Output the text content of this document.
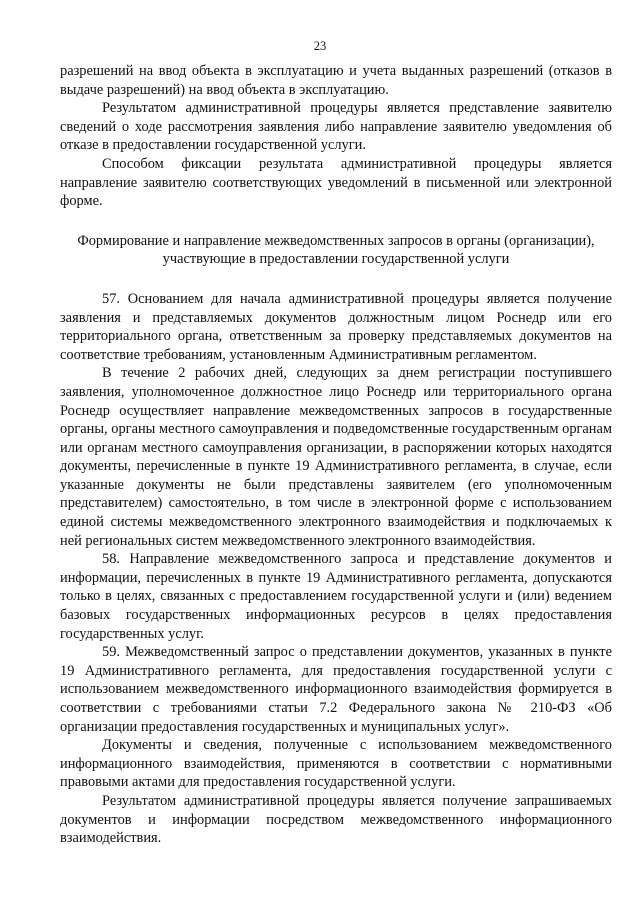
23

разрешений на ввод объекта в эксплуатацию и учета выданных разрешений (отказов в выдаче разрешений) на ввод объекта в эксплуатацию.

Результатом административной процедуры является представление заявителю сведений о ходе рассмотрения заявления либо направление заявителю уведомления об отказе в предоставлении государственной услуги.

Способом фиксации результата административной процедуры является направление заявителю соответствующих уведомлений в письменной или электронной форме.

Формирование и направление межведомственных запросов в органы (организации),
участвующие в предоставлении государственной услуги

57. Основанием для начала административной процедуры является получение заявления и представляемых документов должностным лицом Роснедр или его территориального органа, ответственным за проверку представляемых документов на соответствие требованиям, установленным Административным регламентом.

В течение 2 рабочих дней, следующих за днем регистрации поступившего заявления, уполномоченное должностное лицо Роснедр или территориального органа Роснедр осуществляет направление межведомственных запросов в государственные органы, органы местного самоуправления и подведомственные государственным органам или органам местного самоуправления организации, в распоряжении которых находятся документы, перечисленные в пункте 19 Административного регламента, в случае, если указанные документы не были представлены заявителем (его уполномоченным представителем) самостоятельно, в том числе в электронной форме с использованием единой системы межведомственного электронного взаимодействия и подключаемых к ней региональных систем межведомственного электронного взаимодействия.

58. Направление межведомственного запроса и представление документов и информации, перечисленных в пункте 19 Административного регламента, допускаются только в целях, связанных с предоставлением государственной услуги и (или) ведением базовых государственных информационных ресурсов в целях предоставления государственных услуг.

59. Межведомственный запрос о представлении документов, указанных в пункте 19 Административного регламента, для предоставления государственной услуги с использованием межведомственного информационного взаимодействия формируется в соответствии с требованиями статьи 7.2 Федерального закона № 210-ФЗ «Об организации предоставления государственных и муниципальных услуг».

Документы и сведения, полученные с использованием межведомственного информационного взаимодействия, применяются в соответствии с нормативными правовыми актами для предоставления государственной услуги.

Результатом административной процедуры является получение запрашиваемых документов и информации посредством межведомственного информационного взаимодействия.
